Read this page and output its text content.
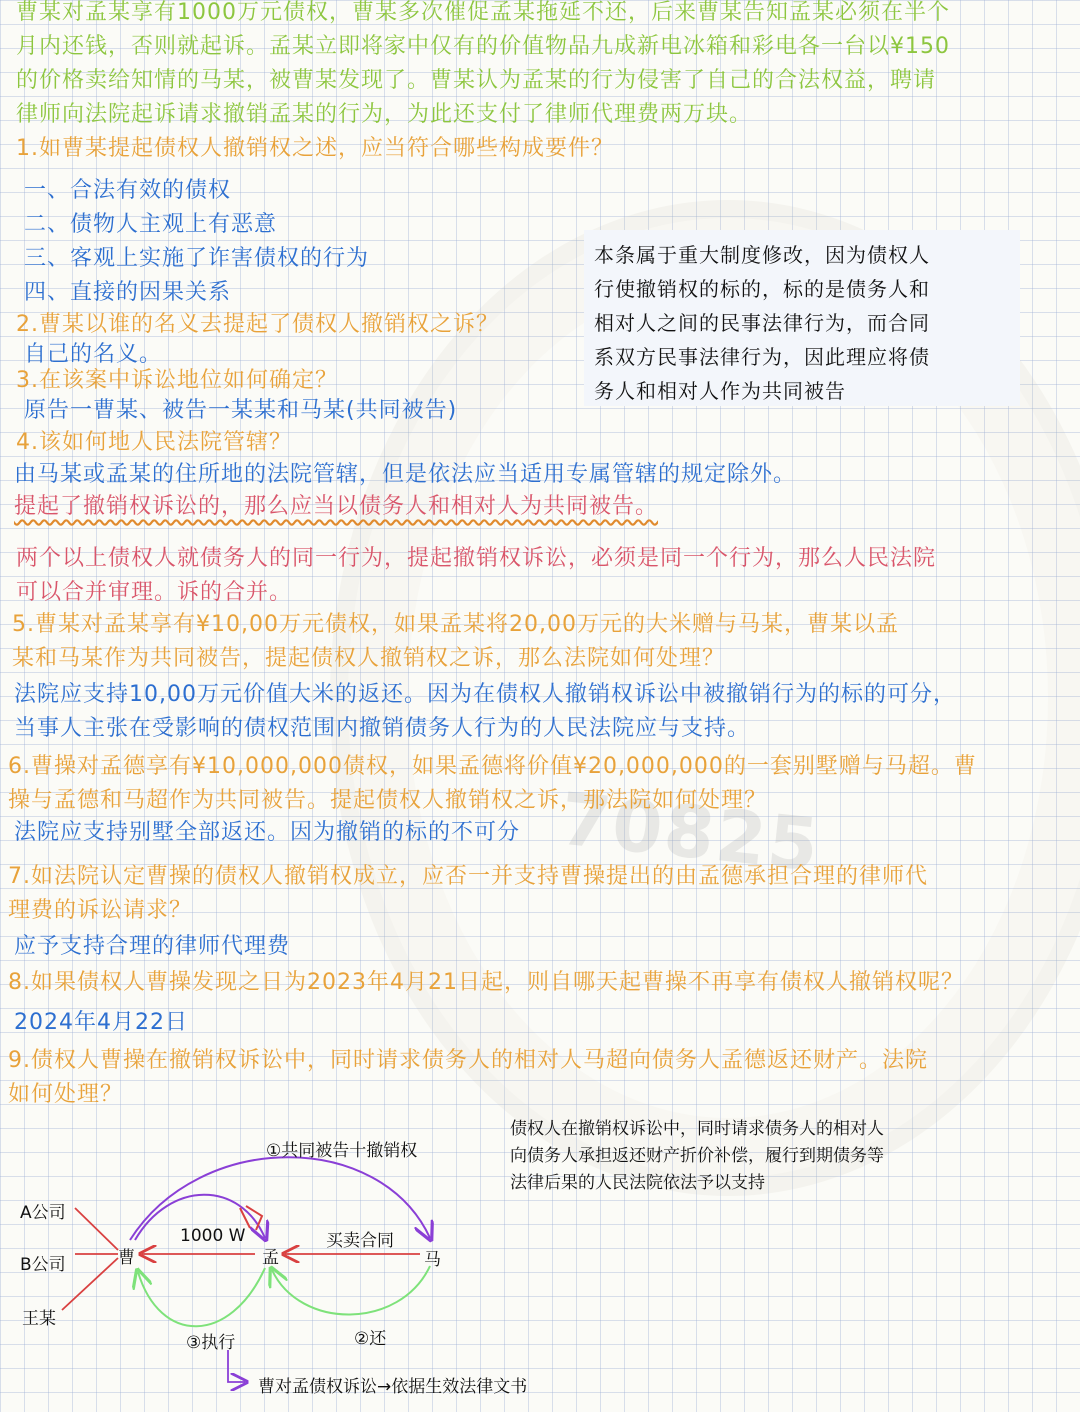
70825
曹某对孟某享有1000万元债权，曹某多次催促孟某拖延不还，后来曹某告知孟某必须在半个
月内还钱，否则就起诉。孟某立即将家中仅有的价值物品九成新电冰箱和彩电各一台以¥150
的价格卖给知情的马某，被曹某发现了。曹某认为孟某的行为侵害了自己的合法权益，聘请
律师向法院起诉请求撤销孟某的行为，为此还支付了律师代理费两万块。
1.如曹某提起债权人撤销权之述，应当符合哪些构成要件？
一、合法有效的债权
二、债物人主观上有恶意
三、客观上实施了诈害债权的行为
四、直接的因果关系
本条属于重大制度修改，因为债权人
行使撤销权的标的，标的是债务人和
相对人之间的民事法律行为，而合同
系双方民事法律行为，因此理应将债
务人和相对人作为共同被告
2.曹某以谁的名义去提起了债权人撤销权之诉？
自己的名义。
3.在该案中诉讼地位如何确定？
原告一曹某、被告一某某和马某(共同被告)
4.该如何地人民法院管辖？
由马某或孟某的住所地的法院管辖，但是依法应当适用专属管辖的规定除外。
提起了撤销权诉讼的，那么应当以债务人和相对人为共同被告。
两个以上债权人就债务人的同一行为，提起撤销权诉讼，必须是同一个行为，那么人民法院
可以合并审理。诉的合并。
5.曹某对孟某享有¥10,00万元债权，如果孟某将20,00万元的大米赠与马某，曹某以孟
某和马某作为共同被告，提起债权人撤销权之诉，那么法院如何处理？
法院应支持10,00万元价值大米的返还。因为在债权人撤销权诉讼中被撤销行为的标的可分，
当事人主张在受影响的债权范围内撤销债务人行为的人民法院应与支持。
6.曹操对孟德享有¥10,000,000债权，如果孟德将价值¥20,000,000的一套别墅赠与马超。曹
操与孟德和马超作为共同被告。提起债权人撤销权之诉，那法院如何处理？
法院应支持别墅全部返还。因为撤销的标的不可分
7.如法院认定曹操的债权人撤销权成立，应否一并支持曹操提出的由孟德承担合理的律师代
理费的诉讼请求？
应予支持合理的律师代理费
8.如果债权人曹操发现之日为2023年4月21日起，则自哪天起曹操不再享有债权人撤销权呢？
2024年4月22日
9.债权人曹操在撤销权诉讼中，同时请求债务人的相对人马超向债务人孟德返还财产。法院
如何处理？
债权人在撤销权诉讼中，同时请求债务人的相对人
向债务人承担返还财产折价补偿，履行到期债务等
法律后果的人民法院依法予以支持
①共同被告十撤销权
A公司
B公司
王某
曹	孟	马
1000 W	买卖合同
③执行	②还
曹对孟债权诉讼→依据生效法律文书
